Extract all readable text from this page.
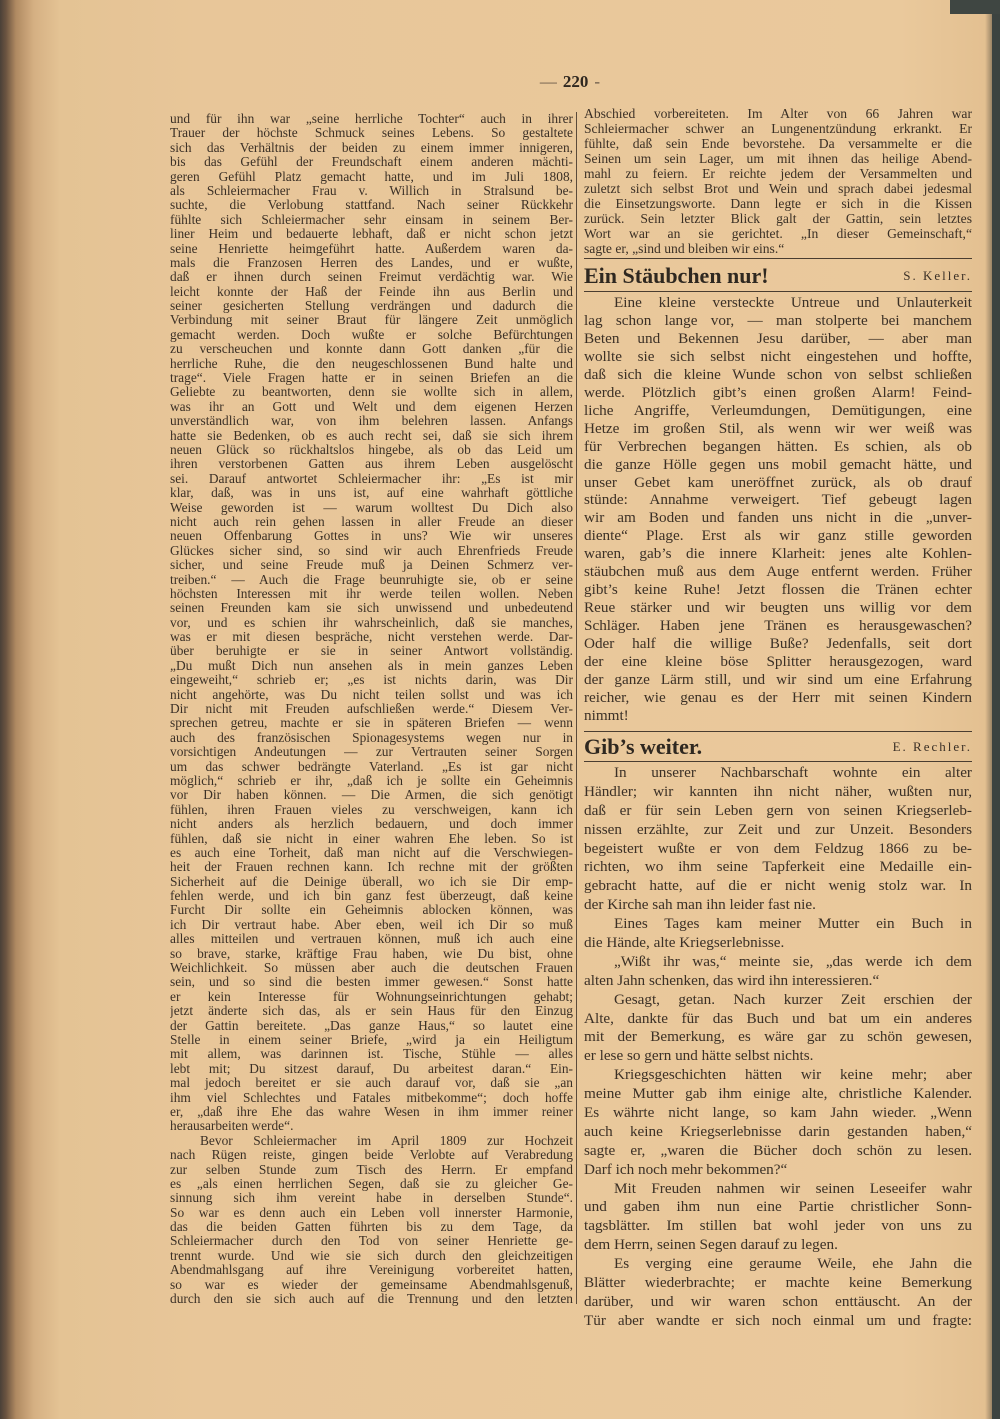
— 220 -
und für ihn war „seine herrliche Tochter“ auch in ihrer
Trauer der höchste Schmuck seines Lebens. So gestaltete
sich das Verhältnis der beiden zu einem immer innigeren,
bis das Gefühl der Freundschaft einem anderen mächti-
geren Gefühl Platz gemacht hatte, und im Juli 1808,
als Schleiermacher Frau v. Willich in Stralsund be-
suchte, die Verlobung stattfand. Nach seiner Rückkehr
fühlte sich Schleiermacher sehr einsam in seinem Ber-
liner Heim und bedauerte lebhaft, daß er nicht schon jetzt
seine Henriette heimgeführt hatte. Außerdem waren da-
mals die Franzosen Herren des Landes, und er wußte,
daß er ihnen durch seinen Freimut verdächtig war. Wie
leicht konnte der Haß der Feinde ihn aus Berlin und
seiner gesicherten Stellung verdrängen und dadurch die
Verbindung mit seiner Braut für längere Zeit unmöglich
gemacht werden. Doch wußte er solche Befürchtungen
zu verscheuchen und konnte dann Gott danken „für die
herrliche Ruhe, die den neugeschlossenen Bund halte und
trage“. Viele Fragen hatte er in seinen Briefen an die
Geliebte zu beantworten, denn sie wollte sich in allem,
was ihr an Gott und Welt und dem eigenen Herzen
unverständlich war, von ihm belehren lassen. Anfangs
hatte sie Bedenken, ob es auch recht sei, daß sie sich ihrem
neuen Glück so rückhaltslos hingebe, als ob das Leid um
ihren verstorbenen Gatten aus ihrem Leben ausgelöscht
sei. Darauf antwortet Schleiermacher ihr: „Es ist mir
klar, daß, was in uns ist, auf eine wahrhaft göttliche
Weise geworden ist — warum wolltest Du Dich also
nicht auch rein gehen lassen in aller Freude an dieser
neuen Offenbarung Gottes in uns? Wie wir unseres
Glückes sicher sind, so sind wir auch Ehrenfrieds Freude
sicher, und seine Freude muß ja Deinen Schmerz ver-
treiben.“ — Auch die Frage beunruhigte sie, ob er seine
höchsten Interessen mit ihr werde teilen wollen. Neben
seinen Freunden kam sie sich unwissend und unbedeutend
vor, und es schien ihr wahrscheinlich, daß sie manches,
was er mit diesen bespräche, nicht verstehen werde. Dar-
über beruhigte er sie in seiner Antwort vollständig.
„Du mußt Dich nun ansehen als in mein ganzes Leben
eingeweiht,“ schrieb er; „es ist nichts darin, was Dir
nicht angehörte, was Du nicht teilen sollst und was ich
Dir nicht mit Freuden aufschließen werde.“ Diesem Ver-
sprechen getreu, machte er sie in späteren Briefen — wenn
auch des französischen Spionagesystems wegen nur in
vorsichtigen Andeutungen — zur Vertrauten seiner Sorgen
um das schwer bedrängte Vaterland. „Es ist gar nicht
möglich,“ schrieb er ihr, „daß ich je sollte ein Geheimnis
vor Dir haben können. — Die Armen, die sich genötigt
fühlen, ihren Frauen vieles zu verschweigen, kann ich
nicht anders als herzlich bedauern, und doch immer
fühlen, daß sie nicht in einer wahren Ehe leben. So ist
es auch eine Torheit, daß man nicht auf die Verschwiegen-
heit der Frauen rechnen kann. Ich rechne mit der größten
Sicherheit auf die Deinige überall, wo ich sie Dir emp-
fehlen werde, und ich bin ganz fest überzeugt, daß keine
Furcht Dir sollte ein Geheimnis ablocken können, was
ich Dir vertraut habe. Aber eben, weil ich Dir so muß
alles mitteilen und vertrauen können, muß ich auch eine
so brave, starke, kräftige Frau haben, wie Du bist, ohne
Weichlichkeit. So müssen aber auch die deutschen Frauen
sein, und so sind die besten immer gewesen.“ Sonst hatte
er kein Interesse für Wohnungseinrichtungen gehabt;
jetzt änderte sich das, als er sein Haus für den Einzug
der Gattin bereitete. „Das ganze Haus,“ so lautet eine
Stelle in einem seiner Briefe, „wird ja ein Heiligtum
mit allem, was darinnen ist. Tische, Stühle — alles
lebt mit; Du sitzest darauf, Du arbeitest daran.“ Ein-
mal jedoch bereitet er sie auch darauf vor, daß sie „an
ihm viel Schlechtes und Fatales mitbekomme“; doch hoffe
er, „daß ihre Ehe das wahre Wesen in ihm immer reiner
herausarbeiten werde“.
Bevor Schleiermacher im April 1809 zur Hochzeit
nach Rügen reiste, gingen beide Verlobte auf Verabredung
zur selben Stunde zum Tisch des Herrn. Er empfand
es „als einen herrlichen Segen, daß sie zu gleicher Ge-
sinnung sich ihm vereint habe in derselben Stunde“.
So war es denn auch ein Leben voll innerster Harmonie,
das die beiden Gatten führten bis zu dem Tage, da
Schleiermacher durch den Tod von seiner Henriette ge-
trennt wurde. Und wie sie sich durch den gleichzeitigen
Abendmahlsgang auf ihre Vereinigung vorbereitet hatten,
so war es wieder der gemeinsame Abendmahlsgenuß,
durch den sie sich auch auf die Trennung und den letzten
Abschied vorbereiteten. Im Alter von 66 Jahren war
Schleiermacher schwer an Lungenentzündung erkrankt. Er
fühlte, daß sein Ende bevorstehe. Da versammelte er die
Seinen um sein Lager, um mit ihnen das heilige Abend-
mahl zu feiern. Er reichte jedem der Versammelten und
zuletzt sich selbst Brot und Wein und sprach dabei jedesmal
die Einsetzungsworte. Dann legte er sich in die Kissen
zurück. Sein letzter Blick galt der Gattin, sein letztes
Wort war an sie gerichtet. „In dieser Gemeinschaft,“
sagte er, „sind und bleiben wir eins.“
Ein Stäubchen nur!	S. Keller.
Eine kleine versteckte Untreue und Unlauterkeit
lag schon lange vor, — man stolperte bei manchem
Beten und Bekennen Jesu darüber, — aber man
wollte sie sich selbst nicht eingestehen und hoffte,
daß sich die kleine Wunde schon von selbst schließen
werde. Plötzlich gibt’s einen großen Alarm! Feind-
liche Angriffe, Verleumdungen, Demütigungen, eine
Hetze im großen Stil, als wenn wir wer weiß was
für Verbrechen begangen hätten. Es schien, als ob
die ganze Hölle gegen uns mobil gemacht hätte, und
unser Gebet kam uneröffnet zurück, als ob drauf
stünde: Annahme verweigert. Tief gebeugt lagen
wir am Boden und fanden uns nicht in die „unver-
diente“ Plage. Erst als wir ganz stille geworden
waren, gab’s die innere Klarheit: jenes alte Kohlen-
stäubchen muß aus dem Auge entfernt werden. Früher
gibt’s keine Ruhe! Jetzt flossen die Tränen echter
Reue stärker und wir beugten uns willig vor dem
Schläger. Haben jene Tränen es herausgewaschen?
Oder half die willige Buße? Jedenfalls, seit dort
der eine kleine böse Splitter herausgezogen, ward
der ganze Lärm still, und wir sind um eine Erfahrung
reicher, wie genau es der Herr mit seinen Kindern
nimmt!
Gib’s weiter.	E. Rechler.
In unserer Nachbarschaft wohnte ein alter
Händler; wir kannten ihn nicht näher, wußten nur,
daß er für sein Leben gern von seinen Kriegserleb-
nissen erzählte, zur Zeit und zur Unzeit. Besonders
begeistert wußte er von dem Feldzug 1866 zu be-
richten, wo ihm seine Tapferkeit eine Medaille ein-
gebracht hatte, auf die er nicht wenig stolz war. In
der Kirche sah man ihn leider fast nie.
Eines Tages kam meiner Mutter ein Buch in
die Hände, alte Kriegserlebnisse.
„Wißt ihr was,“ meinte sie, „das werde ich dem
alten Jahn schenken, das wird ihn interessieren.“
Gesagt, getan. Nach kurzer Zeit erschien der
Alte, dankte für das Buch und bat um ein anderes
mit der Bemerkung, es wäre gar zu schön gewesen,
er lese so gern und hätte selbst nichts.
Kriegsgeschichten hätten wir keine mehr; aber
meine Mutter gab ihm einige alte, christliche Kalender.
Es währte nicht lange, so kam Jahn wieder. „Wenn
auch keine Kriegserlebnisse darin gestanden haben,“
sagte er, „waren die Bücher doch schön zu lesen.
Darf ich noch mehr bekommen?“
Mit Freuden nahmen wir seinen Leseeifer wahr
und gaben ihm nun eine Partie christlicher Sonn-
tagsblätter. Im stillen bat wohl jeder von uns zu
dem Herrn, seinen Segen darauf zu legen.
Es verging eine geraume Weile, ehe Jahn die
Blätter wiederbrachte; er machte keine Bemerkung
darüber, und wir waren schon enttäuscht. An der
Tür aber wandte er sich noch einmal um und fragte:
